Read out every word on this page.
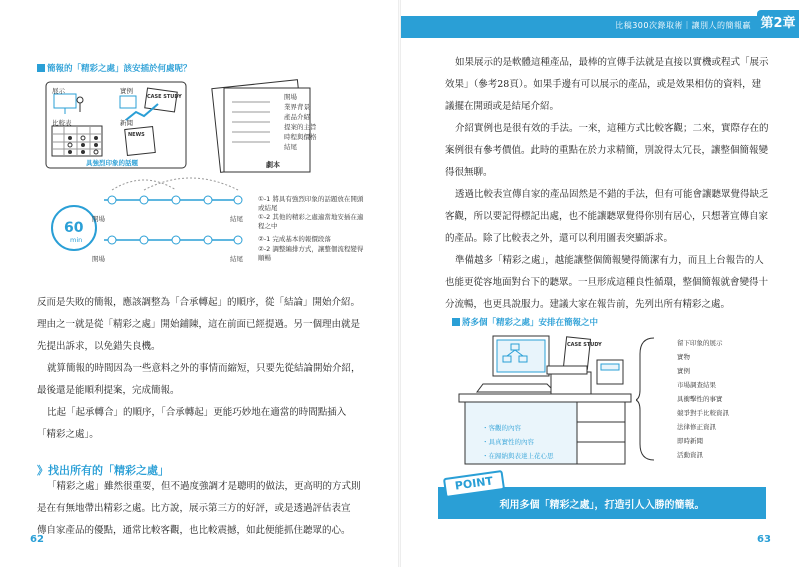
簡報的「精彩之處」該安插於何處呢？
展示	實例
比較表	新聞
CASE STUDY
NEWS
具強烈印象的話題	劇本
開場
業界背景
產品介紹
提案的主旨
時程與價格
結尾
60
min
開場	結尾
開場	結尾
①-1 將具有強烈印象的話題放在開頭或結尾
①-2 其他的精彩之處適當地安插在適程之中
②-1 完成基本的報價段落
②-2 調整編排方式，讓整個流程變得順暢
反而是失敗的簡報，應該調整為「合承轉起」的順序，從「結論」開始介紹。
理由之一就是從「精彩之處」開始鋪陳，這在前面已經提過。另一個理由就是
先提出訴求，以免錯失良機。
就算簡報的時間因為一些意料之外的事情而縮短，只要先從結論開始介紹，
最後還是能順利提案，完成簡報。
比起「起承轉合」的順序，「合承轉起」更能巧妙地在適當的時間點插入
「精彩之處」。
》找出所有的「精彩之處」
「精彩之處」雖然很重要，但不過度強調才是聰明的做法，更高明的方式則
是在有無地帶出精彩之處。比方說，展示第三方的好評，或是透過評估表宣
傳自家產品的優點，通常比較客觀，也比較震撼，如此便能抓住聽眾的心。
62
比稿300次錄取術｜讓別人的簡報贏 第2章
如果展示的是軟體這種產品，最棒的宣傳手法就是直接以實機或程式「展示
效果」（參考28頁）。如果手邊有可以展示的產品，或是效果相仿的資料，建
議擺在開頭或是結尾介紹。
介紹實例也是很有效的手法。一來，這種方式比較客觀；二來，實際存在的
案例很有參考價值。此時的重點在於力求精簡，別說得太冗長，讓整個簡報變
得很無聊。
透過比較表宣傳自家的產品固然是不錯的手法，但有可能會讓聽眾覺得缺乏
客觀，所以要記得標記出處，也不能讓聽眾覺得你別有居心，只想著宣傳自家
的產品。除了比較表之外，還可以利用圖表突顯訴求。
準備越多「精彩之處」，越能讓整個簡報變得簡潔有力，而且上台報告的人
也能更從容地面對台下的聽眾。一旦形成這種良性循環，整個簡報就會變得十
分流暢，也更具說服力。建議大家在報告前，先列出所有精彩之處。
將多個「精彩之處」安排在簡報之中
CASE STUDY
・客觀的內容
・具真實性的內容
・在歸納與表達上花心思
留下印象的展示
實物
實例
市場調查結果
具衝擊性的事實
競爭對手比較資訊
法律修正資訊
即時新聞
活動資訊
利用多個「精彩之處」，打造引人入勝的簡報。
POINT
63
